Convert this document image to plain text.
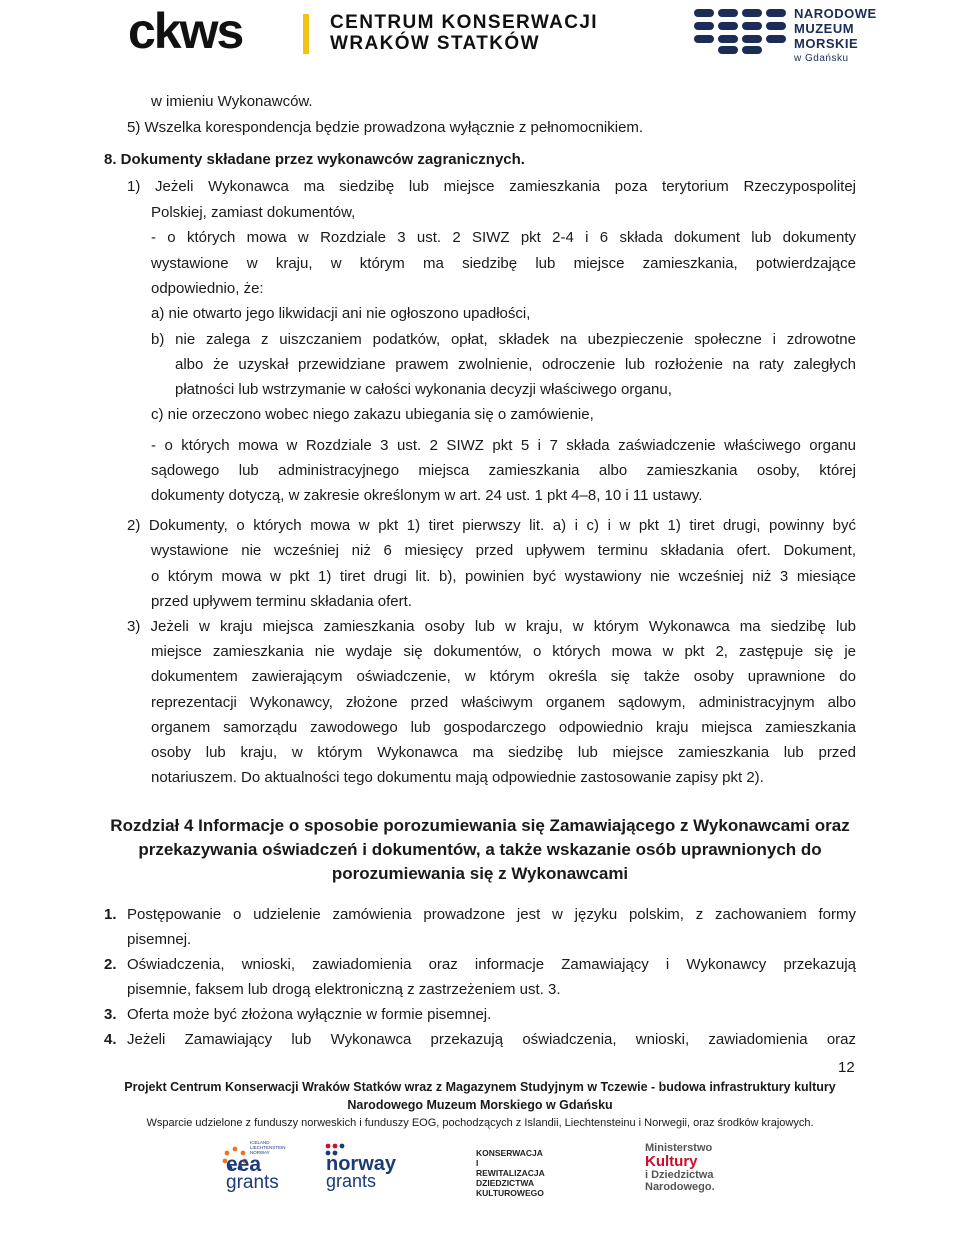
ckws	CENTRUM KONSERWACJI
WRAKÓW STATKÓW
NARODOWE
MUZEUM
MORSKIE
w Gdańsku
w imieniu Wykonawców.
5) Wszelka korespondencja będzie prowadzona wyłącznie z pełnomocnikiem.
8. Dokumenty składane przez wykonawców zagranicznych.
1) Jeżeli Wykonawca ma siedzibę lub miejsce zamieszkania poza terytorium Rzeczypospolitej
Polskiej, zamiast dokumentów,
- o których mowa w Rozdziale 3 ust. 2 SIWZ pkt 2-4 i 6 składa dokument lub dokumenty
wystawione w kraju, w którym ma siedzibę lub miejsce zamieszkania, potwierdzające
odpowiednio, że:
a) nie otwarto jego likwidacji ani nie ogłoszono upadłości,
b) nie zalega z uiszczaniem podatków, opłat, składek na ubezpieczenie społeczne i zdrowotne
albo że uzyskał przewidziane prawem zwolnienie, odroczenie lub rozłożenie na raty zaległych
płatności lub wstrzymanie w całości wykonania decyzji właściwego organu,
c) nie orzeczono wobec niego zakazu ubiegania się o zamówienie,
- o których mowa w Rozdziale 3 ust. 2 SIWZ pkt 5 i 7 składa zaświadczenie właściwego organu
sądowego lub administracyjnego miejsca zamieszkania albo zamieszkania osoby, której
dokumenty dotyczą, w zakresie określonym w art. 24 ust. 1 pkt 4–8, 10 i 11 ustawy.
2) Dokumenty, o których mowa w pkt 1) tiret pierwszy lit. a) i c) i w pkt 1) tiret drugi, powinny być
wystawione nie wcześniej niż 6 miesięcy przed upływem terminu składania ofert. Dokument,
o którym mowa w pkt 1) tiret drugi lit. b), powinien być wystawiony nie wcześniej niż 3 miesiące
przed upływem terminu składania ofert.
3) Jeżeli w kraju miejsca zamieszkania osoby lub w kraju, w którym Wykonawca ma siedzibę lub
miejsce zamieszkania nie wydaje się dokumentów, o których mowa w pkt 2, zastępuje się je
dokumentem zawierającym oświadczenie, w którym określa się także osoby uprawnione do
reprezentacji Wykonawcy, złożone przed właściwym organem sądowym, administracyjnym albo
organem samorządu zawodowego lub gospodarczego odpowiednio kraju miejsca zamieszkania
osoby lub kraju, w którym Wykonawca ma siedzibę lub miejsce zamieszkania lub przed
notariuszem. Do aktualności tego dokumentu mają odpowiednie zastosowanie zapisy pkt 2).
Rozdział 4 Informacje o sposobie porozumiewania się Zamawiającego z Wykonawcami oraz
przekazywania oświadczeń i dokumentów, a także wskazanie osób uprawnionych do
porozumiewania się z Wykonawcami
1. Postępowanie o udzielenie zamówienia prowadzone jest w języku polskim, z zachowaniem formy
pisemnej.
2. Oświadczenia, wnioski, zawiadomienia oraz informacje Zamawiający i Wykonawcy przekazują
pisemnie, faksem lub drogą elektroniczną z zastrzeżeniem ust. 3.
3. Oferta może być złożona wyłącznie w formie pisemnej.
4. Jeżeli Zamawiający lub Wykonawca przekazują oświadczenia, wnioski, zawiadomienia oraz
12
Projekt Centrum Konserwacji Wraków Statków wraz z Magazynem Studyjnym w Tczewie - budowa infrastruktury kultury
Narodowego Muzeum Morskiego w Gdańsku
Wsparcie udzielone z funduszy norweskich i funduszy EOG, pochodzących z Islandii, Liechtensteinu i Norwegii, oraz środków krajowych.
ICELAND LIECHTENSTEIN NORWAY
eea
grants
norway
grants
KONSERWACJA
I REWITALIZACJA
DZIEDZICTWA
KULTUROWEGO
Ministerstwo
Kultury
i Dziedzictwa
Narodowego.
